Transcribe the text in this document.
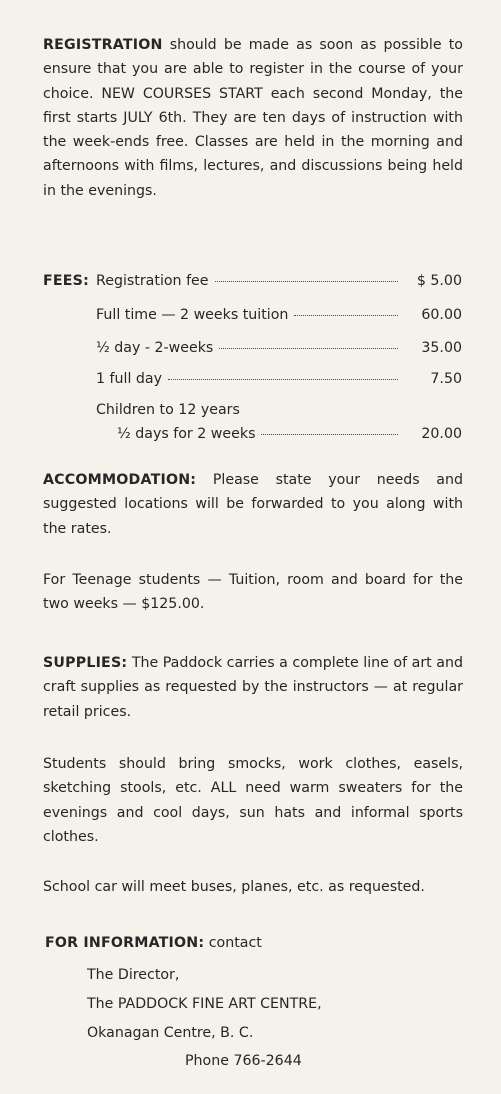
REGISTRATION should be made as soon as possible to ensure that you are able to register in the course of your choice. NEW COURSES START each second Monday, the first starts JULY 6th. They are ten days of instruction with the week-ends free. Classes are held in the morning and afternoons with films, lectures, and discussions being held in the evenings.
FEES: Registration fee	$ 5.00
Full time — 2 weeks tuition	60.00
½ day - 2-weeks	35.00
1 full day	7.50
Children to 12 years
½ days for 2 weeks	20.00
ACCOMMODATION: Please state your needs and suggested locations will be forwarded to you along with the rates.
For Teenage students — Tuition, room and board for the two weeks — $125.00.
SUPPLIES: The Paddock carries a complete line of art and craft supplies as requested by the instructors — at regular retail prices.
Students should bring smocks, work clothes, easels, sketching stools, etc. ALL need warm sweaters for the evenings and cool days, sun hats and informal sports clothes.
School car will meet buses, planes, etc. as requested.
FOR INFORMATION: contact
The Director,
The PADDOCK FINE ART CENTRE,
Okanagan Centre, B. C.
Phone 766-2644
